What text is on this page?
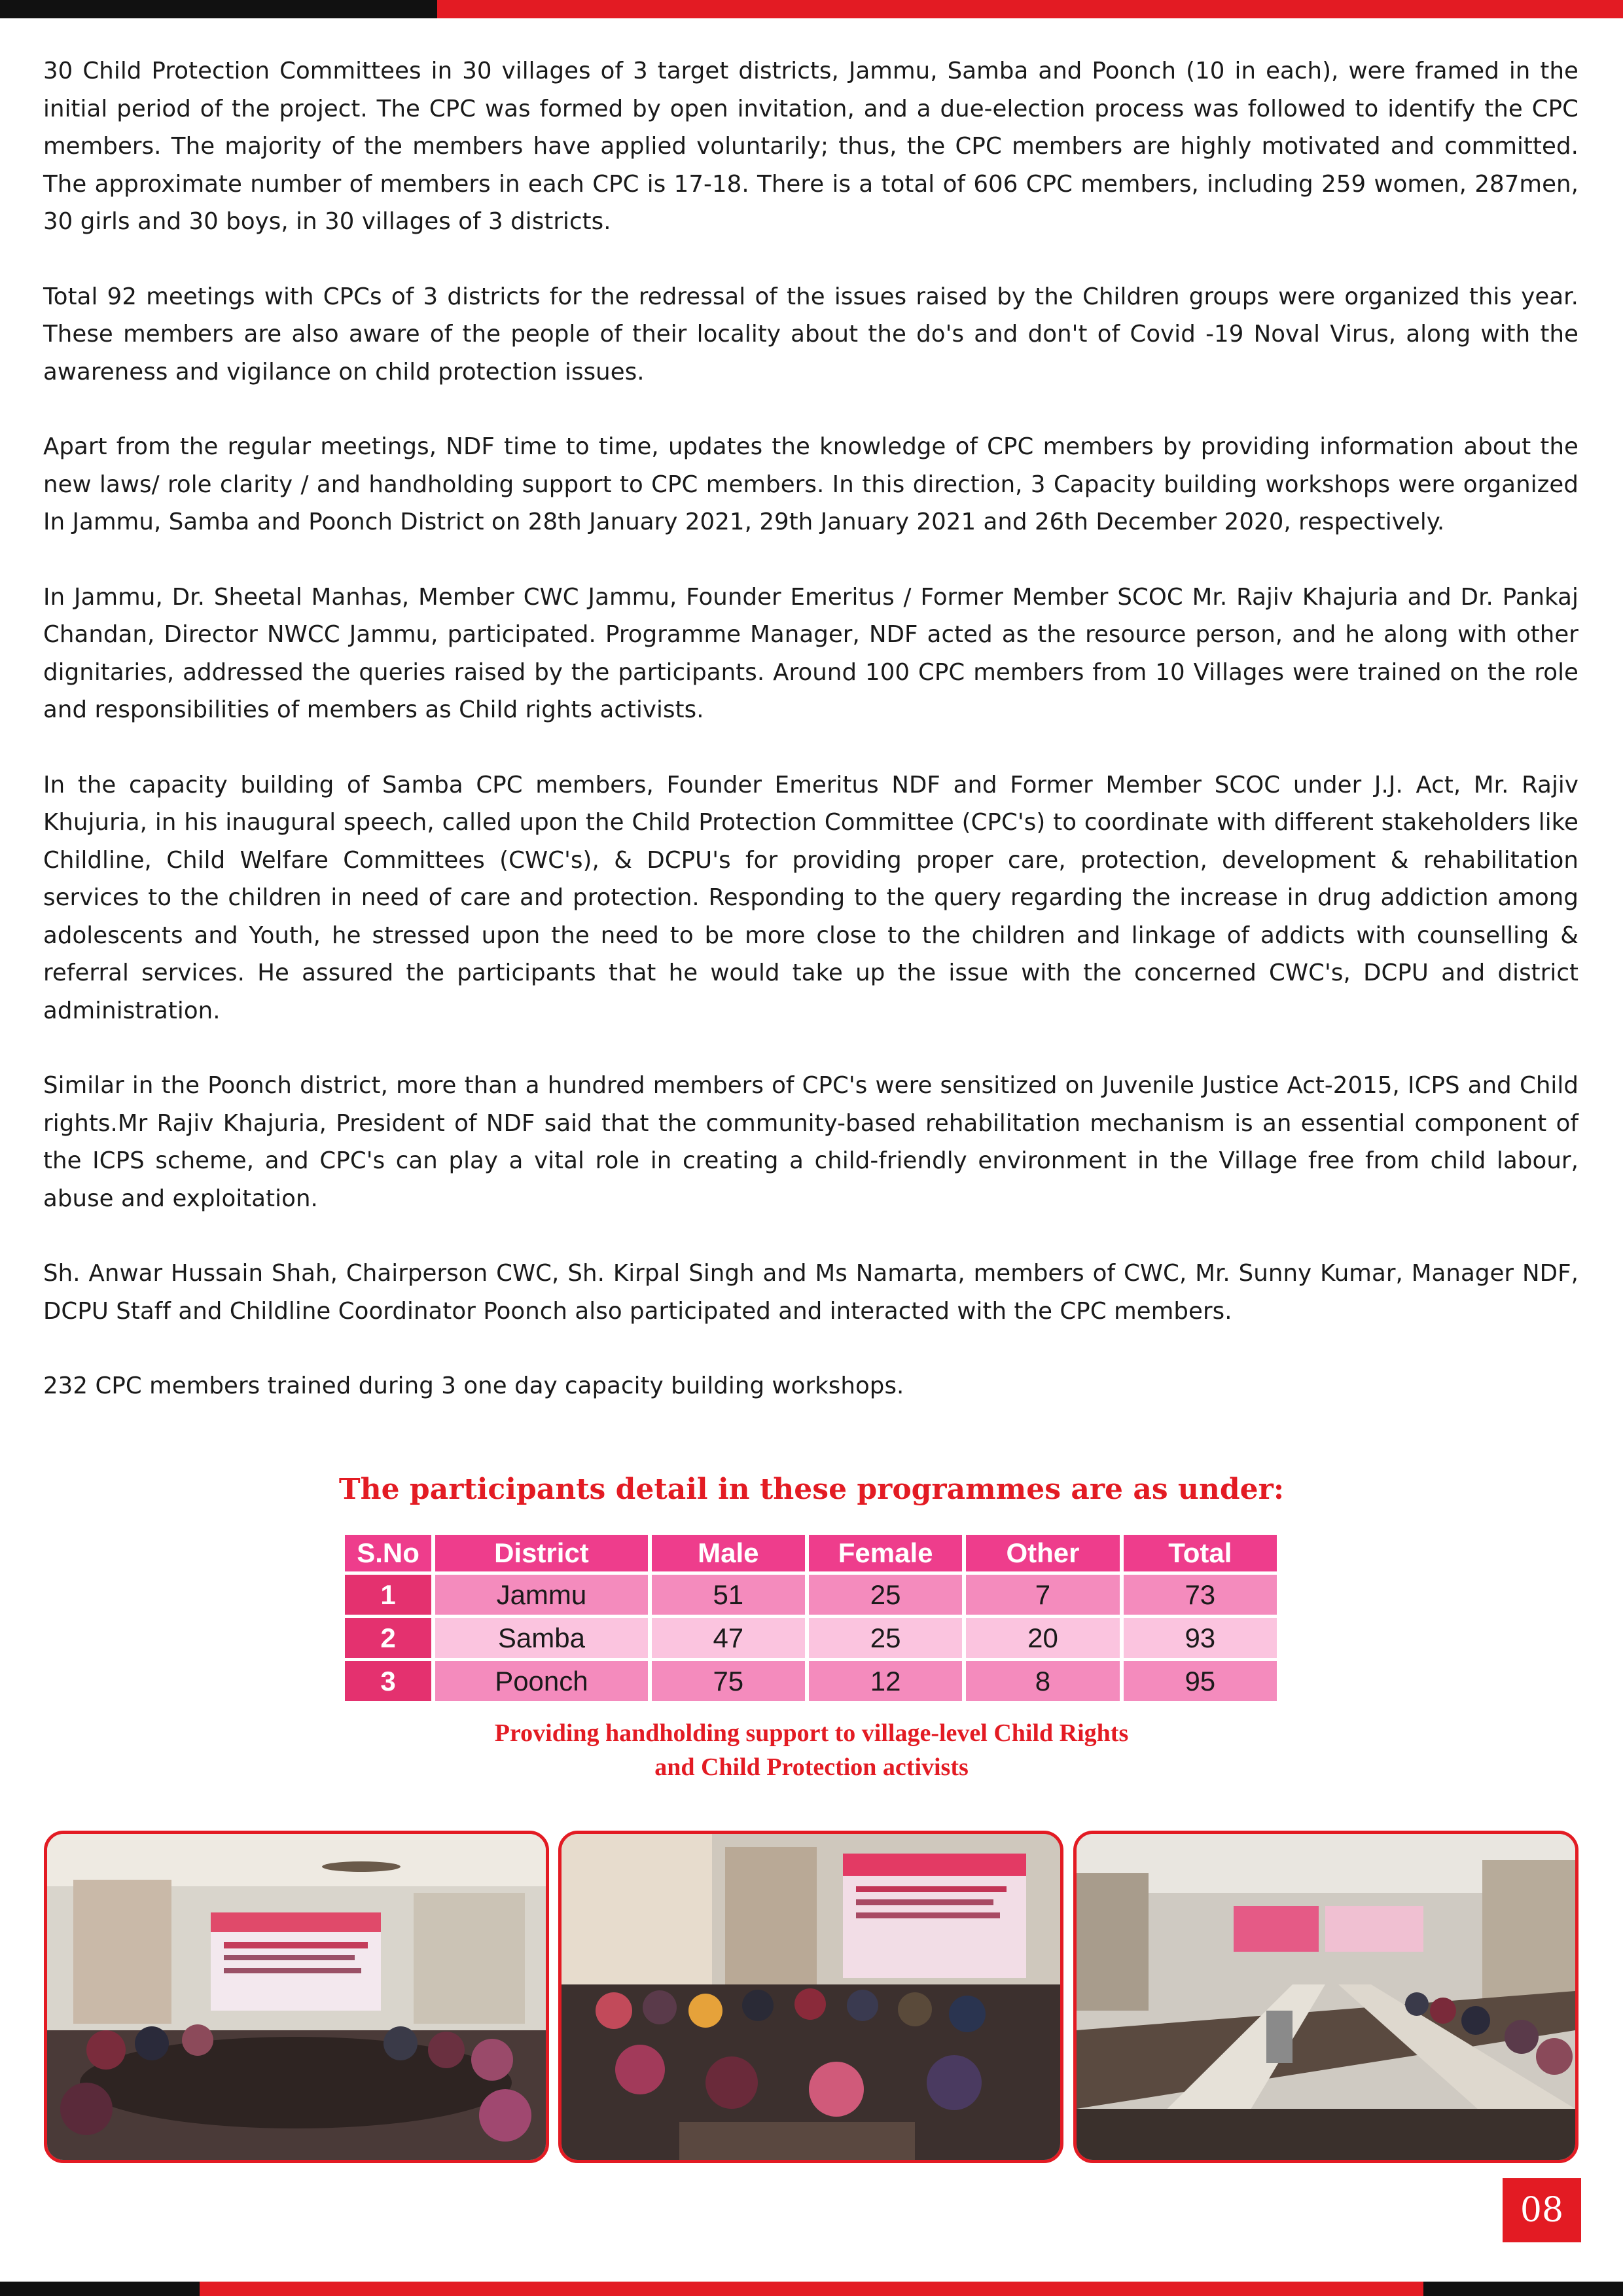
30 Child Protection Committees in 30 villages of 3 target districts, Jammu, Samba and Poonch (10 in each), were framed in the initial period of the project. The CPC was formed by open invitation, and a due-election process was followed to identify the CPC members. The majority of the members have applied voluntarily; thus, the CPC members are highly motivated and committed. The approximate number of members in each CPC is 17-18. There is a total of 606 CPC members, including 259 women, 287men, 30 girls and 30 boys, in 30 villages of 3 districts.

Total 92 meetings with CPCs of 3 districts for the redressal of the issues raised by the Children groups were organized this year. These members are also aware of the people of their locality about the do's and don't of Covid -19 Noval Virus, along with the awareness and vigilance on child protection issues.

Apart from the regular meetings, NDF time to time, updates the knowledge of CPC members by providing information about the new laws/ role clarity / and handholding support to CPC members. In this direction, 3 Capacity building workshops were organized In Jammu, Samba and Poonch District on 28th January 2021, 29th January 2021 and 26th December 2020, respectively.

In Jammu, Dr. Sheetal Manhas, Member CWC Jammu, Founder Emeritus / Former Member SCOC Mr. Rajiv Khajuria and Dr. Pankaj Chandan, Director NWCC Jammu, participated. Programme Manager, NDF acted as the resource person, and he along with other dignitaries, addressed the queries raised by the participants. Around 100 CPC members from 10 Villages were trained on the role and responsibilities of members as Child rights activists.

In the capacity building of Samba CPC members, Founder Emeritus NDF and Former Member SCOC under J.J. Act, Mr. Rajiv Khujuria, in his inaugural speech, called upon the Child Protection Committee (CPC's) to coordinate with different stakeholders like Childline, Child Welfare Committees (CWC's), & DCPU's for providing proper care, protection, development & rehabilitation services to the children in need of care and protection. Responding to the query regarding the increase in drug addiction among adolescents and Youth, he stressed upon the need to be more close to the children and linkage of addicts with counselling & referral services. He assured the participants that he would take up the issue with the concerned CWC's, DCPU and district administration.

Similar in the Poonch district, more than a hundred members of CPC's were sensitized on Juvenile Justice Act-2015, ICPS and Child rights.Mr Rajiv Khajuria, President of NDF said that the community-based rehabilitation mechanism is an essential component of the ICPS scheme, and CPC's can play a vital role in creating a child-friendly environment in the Village free from child labour, abuse and exploitation.

Sh. Anwar Hussain Shah, Chairperson CWC, Sh. Kirpal Singh and Ms Namarta, members of CWC, Mr. Sunny Kumar, Manager NDF, DCPU Staff and Childline Coordinator Poonch also participated and interacted with the CPC members.

232 CPC members trained during 3 one day capacity building workshops.

The participants detail in these programmes are as under:
S.No	District	Male	Female	Other	Total
1	Jammu	51	25	7	73
2	Samba	47	25	20	93
3	Poonch	75	12	8	95
Providing handholding support to village-level Child Rights
and Child Protection activists
08
